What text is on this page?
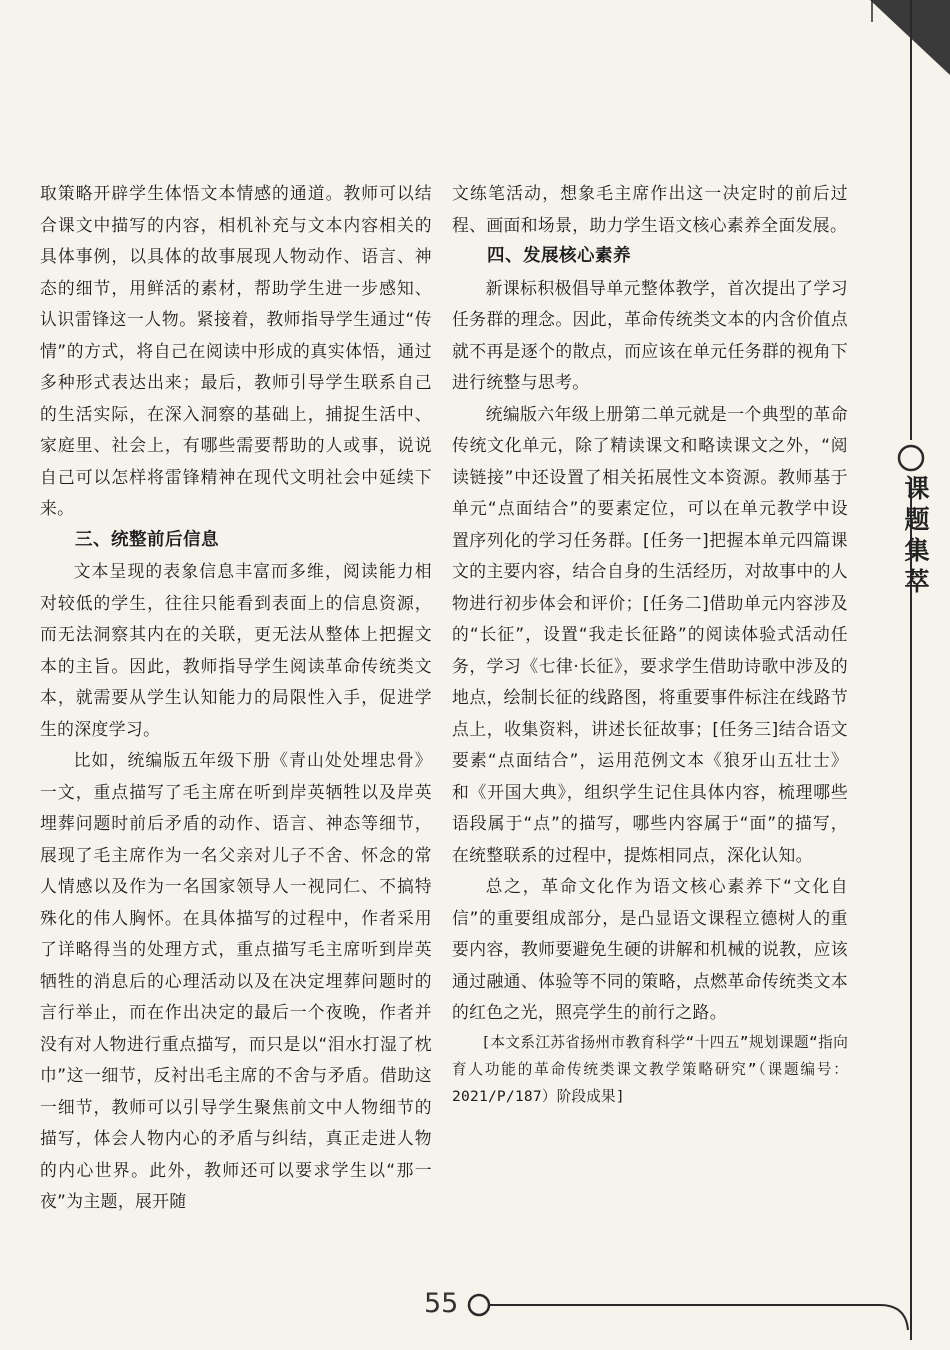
课题集萃

取策略开辟学生体悟文本情感的通道。教师可以结合课文中描写的内容，相机补充与文本内容相关的具体事例，以具体的故事展现人物动作、语言、神态的细节，用鲜活的素材，帮助学生进一步感知、认识雷锋这一人物。紧接着，教师指导学生通过“传情”的方式，将自己在阅读中形成的真实体悟，通过多种形式表达出来；最后，教师引导学生联系自己的生活实际，在深入洞察的基础上，捕捉生活中、家庭里、社会上，有哪些需要帮助的人或事，说说自己可以怎样将雷锋精神在现代文明社会中延续下来。

三、统整前后信息

文本呈现的表象信息丰富而多维，阅读能力相对较低的学生，往往只能看到表面上的信息资源，而无法洞察其内在的关联，更无法从整体上把握文本的主旨。因此，教师指导学生阅读革命传统类文本，就需要从学生认知能力的局限性入手，促进学生的深度学习。

比如，统编版五年级下册《青山处处埋忠骨》一文，重点描写了毛主席在听到岸英牺牲以及岸英埋葬问题时前后矛盾的动作、语言、神态等细节，展现了毛主席作为一名父亲对儿子不舍、怀念的常人情感以及作为一名国家领导人一视同仁、不搞特殊化的伟人胸怀。在具体描写的过程中，作者采用了详略得当的处理方式，重点描写毛主席听到岸英牺牲的消息后的心理活动以及在决定埋葬问题时的言行举止，而在作出决定的最后一个夜晚，作者并没有对人物进行重点描写，而只是以“泪水打湿了枕巾”这一细节，反衬出毛主席的不舍与矛盾。借助这一细节，教师可以引导学生聚焦前文中人物细节的描写，体会人物内心的矛盾与纠结，真正走进人物的内心世界。此外，教师还可以要求学生以“那一夜”为主题，展开随

文练笔活动，想象毛主席作出这一决定时的前后过程、画面和场景，助力学生语文核心素养全面发展。

四、发展核心素养

新课标积极倡导单元整体教学，首次提出了学习任务群的理念。因此，革命传统类文本的内含价值点就不再是逐个的散点，而应该在单元任务群的视角下进行统整与思考。

统编版六年级上册第二单元就是一个典型的革命传统文化单元，除了精读课文和略读课文之外，“阅读链接”中还设置了相关拓展性文本资源。教师基于单元“点面结合”的要素定位，可以在单元教学中设置序列化的学习任务群。[任务一]把握本单元四篇课文的主要内容，结合自身的生活经历，对故事中的人物进行初步体会和评价；[任务二]借助单元内容涉及的“长征”，设置“我走长征路”的阅读体验式活动任务，学习《七律·长征》，要求学生借助诗歌中涉及的地点，绘制长征的线路图，将重要事件标注在线路节点上，收集资料，讲述长征故事；[任务三]结合语文要素“点面结合”，运用范例文本《狼牙山五壮士》和《开国大典》，组织学生记住具体内容，梳理哪些语段属于“点”的描写，哪些内容属于“面”的描写，在统整联系的过程中，提炼相同点，深化认知。

总之，革命文化作为语文核心素养下“文化自信”的重要组成部分，是凸显语文课程立德树人的重要内容，教师要避免生硬的讲解和机械的说教，应该通过融通、体验等不同的策略，点燃革命传统类文本的红色之光，照亮学生的前行之路。

[本文系江苏省扬州市教育科学“十四五”规划课题“指向育人功能的革命传统类课文教学策略研究”（课题编号：2021/P/187）阶段成果]

55
